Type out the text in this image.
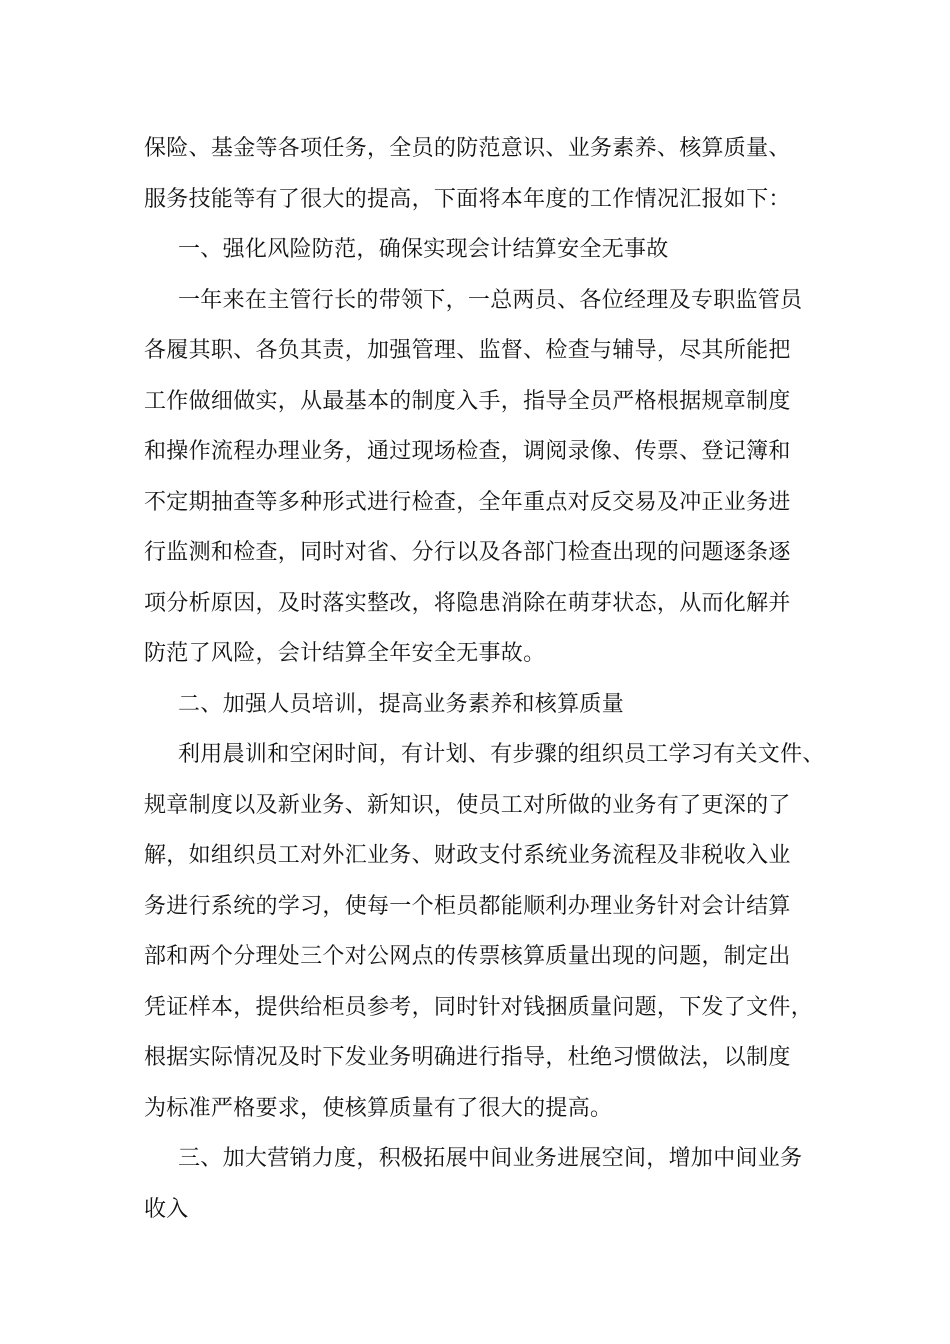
保险、基金等各项任务，全员的防范意识、业务素养、核算质量、
服务技能等有了很大的提高，下面将本年度的工作情况汇报如下：
一、强化风险防范，确保实现会计结算安全无事故
一年来在主管行长的带领下，一总两员、各位经理及专职监管员
各履其职、各负其责，加强管理、监督、检查与辅导，尽其所能把
工作做细做实，从最基本的制度入手，指导全员严格根据规章制度
和操作流程办理业务，通过现场检查，调阅录像、传票、登记簿和
不定期抽查等多种形式进行检查，全年重点对反交易及冲正业务进
行监测和检查，同时对省、分行以及各部门检查出现的问题逐条逐
项分析原因，及时落实整改，将隐患消除在萌芽状态，从而化解并
防范了风险，会计结算全年安全无事故。
二、加强人员培训，提高业务素养和核算质量
利用晨训和空闲时间，有计划、有步骤的组织员工学习有关文件、
规章制度以及新业务、新知识，使员工对所做的业务有了更深的了
解，如组织员工对外汇业务、财政支付系统业务流程及非税收入业
务进行系统的学习，使每一个柜员都能顺利办理业务针对会计结算
部和两个分理处三个对公网点的传票核算质量出现的问题，制定出
凭证样本，提供给柜员参考，同时针对钱捆质量问题，下发了文件，
根据实际情况及时下发业务明确进行指导，杜绝习惯做法，以制度
为标准严格要求，使核算质量有了很大的提高。
三、加大营销力度，积极拓展中间业务进展空间，增加中间业务
收入
